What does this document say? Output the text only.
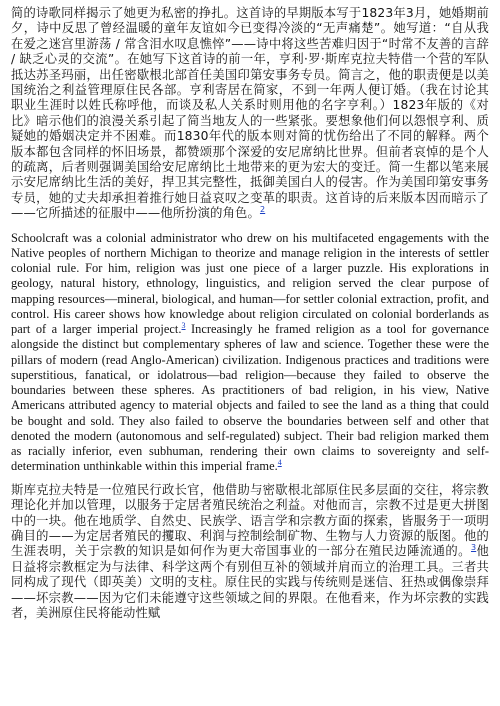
简的诗歌同样揭示了她更为私密的挣扎。这首诗的早期版本写于1823年3月，她婚期前夕，诗中反思了曾经温暖的童年友谊如今已变得冷淡的“无声痛楚”。她写道：“自从我在爱之迷宫里游荡 / 常含泪水叹息憔悴”——诗中将这些苦难归因于“时常不友善的言辞 / 缺乏心灵的交流”。在她写下这首诗的前一年，亨利·罗·斯库克拉夫特借一个营的军队抵达苏圣玛丽，出任密歇根北部首任美国印第安事务专员。简言之，他的职责便是以美国统治之利益管理原住民各部。亨利寄居在简家，不到一年两人便订婚。（我在讨论其职业生涯时以姓氏称呼他，而谈及私人关系时则用他的名字亨利。）1823年版的《对比》暗示他们的浪漫关系引起了简当地友人的一些紧张。要想象他们何以怨恨亨利、质疑她的婚姻决定并不困难。而1830年代的版本则对简的忧伤给出了不同的解释。两个版本都包含同样的怀旧场景，都赞颂那个深爱的安尼席纳比世界。但前者哀悼的是个人的疏离，后者则强调美国给安尼席纳比土地带来的更为宏大的变迁。简一生都以笔来展示安尼席纳比生活的美好，捍卫其完整性，抵御美国白人的侵害。作为美国印第安事务专员，她的丈夫却承担着推行她日益哀叹之变革的职责。这首诗的后来版本因而暗示了——它所描述的征服中——他所扮演的角色。$^2$

Schoolcraft was a colonial administrator who drew on his multifaceted engagements with the Native peoples of northern Michigan to theorize and manage religion in the interests of settler colonial rule. For him, religion was just one piece of a larger puzzle. His explorations in geology, natural history, ethnology, linguistics, and religion served the clear purpose of mapping resources—mineral, biological, and human—for settler colonial extraction, profit, and control. His career shows how knowledge about religion circulated on colonial borderlands as part of a larger imperial project.$^3$ Increasingly he framed religion as a tool for governance alongside the distinct but complementary spheres of law and science. Together these were the pillars of modern (read Anglo-American) civilization. Indigenous practices and traditions were superstitious, fanatical, or idolatrous—bad religion—because they failed to observe the boundaries between these spheres. As practitioners of bad religion, in his view, Native Americans attributed agency to material objects and failed to see the land as a thing that could be bought and sold. They also failed to observe the boundaries between self and other that denoted the modern (autonomous and self-regulated) subject. Their bad religion marked them as racially inferior, even subhuman, rendering their own claims to sovereignty and self-determination unthinkable within this imperial frame.$^4$

斯库克拉夫特是一位殖民行政长官，他借助与密歇根北部原住民多层面的交往，将宗教理论化并加以管理，以服务于定居者殖民统治之利益。对他而言，宗教不过是更大拼图中的一块。他在地质学、自然史、民族学、语言学和宗教方面的探索，皆服务于一项明确目的——为定居者殖民的攫取、利润与控制绘制矿物、生物与人力资源的版图。他的生涯表明，关于宗教的知识是如何作为更大帝国事业的一部分在殖民边陲流通的。$^3$他日益将宗教框定为与法律、科学这两个有别但互补的领域并肩而立的治理工具。三者共同构成了现代（即英美）文明的支柱。原住民的实践与传统则是迷信、狂热或偶像崇拜——坏宗教——因为它们未能遵守这些领域之间的界限。在他看来，作为坏宗教的实践者，美洲原住民将能动性赋
